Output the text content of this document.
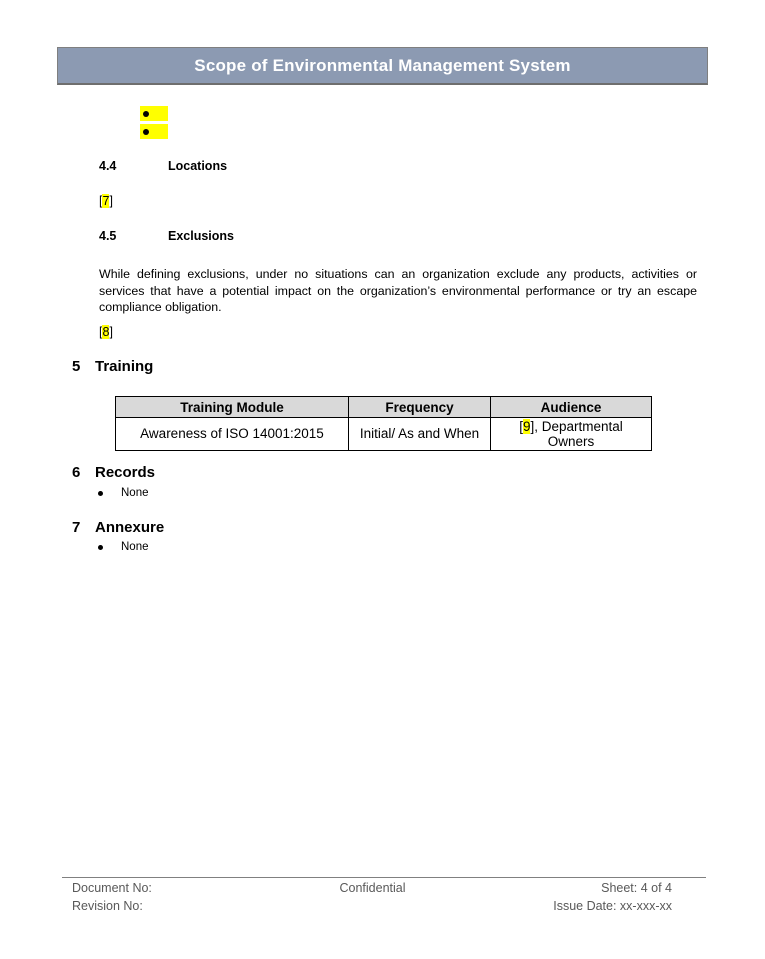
Scope of Environmental Management System
4.4	Locations
[7]
4.5	Exclusions
While defining exclusions, under no situations can an organization exclude any products, activities or services that have a potential impact on the organization’s environmental performance or try an escape compliance obligation.
[8]
5 Training
Training Module	Frequency	Audience
Awareness of ISO 14001:2015	Initial/ As and When	[9], Departmental Owners
6 Records
None
7 Annexure
None
Document No:
Revision No:
Confidential	Sheet: 4 of 4
Issue Date: xx-xxx-xx
